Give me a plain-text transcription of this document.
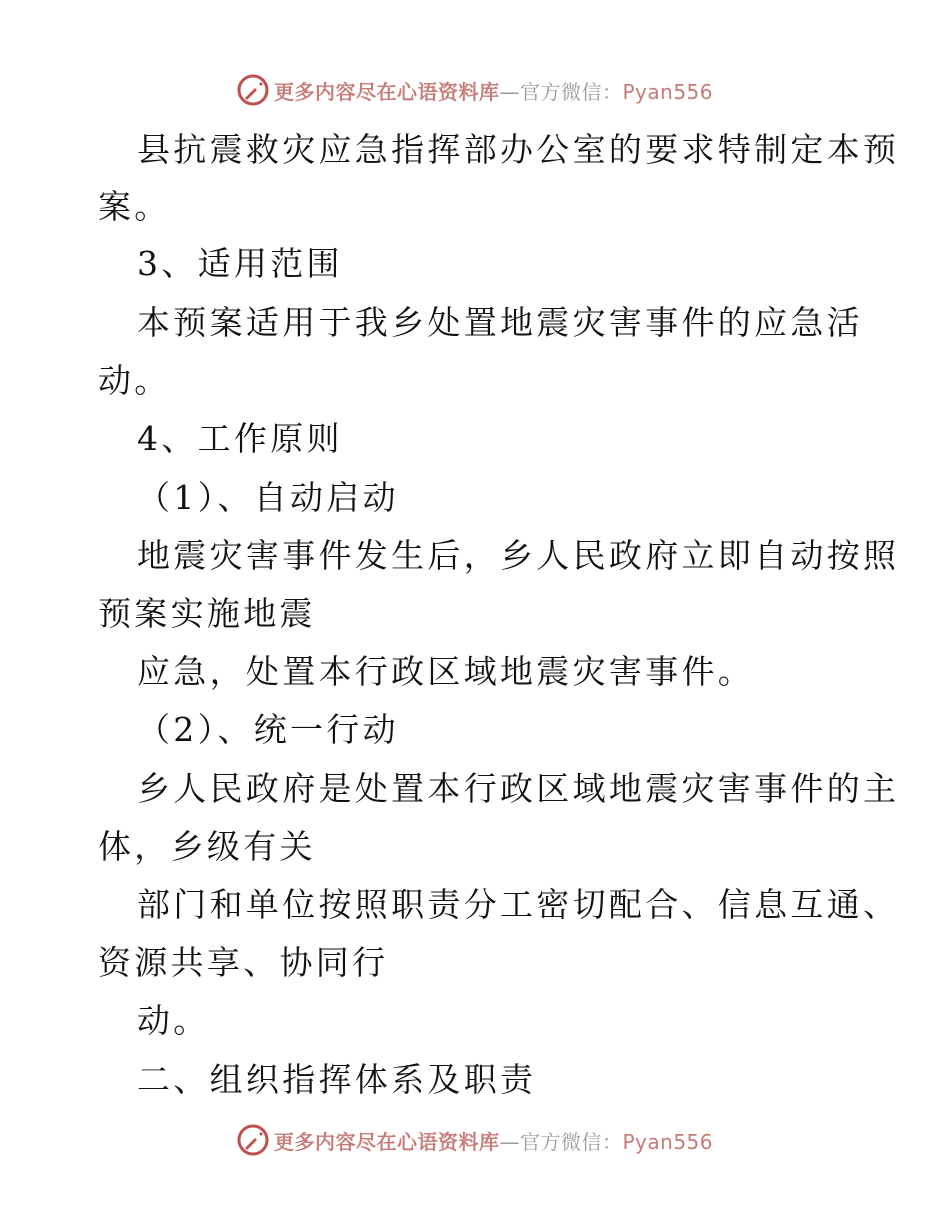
更多内容尽在心语资料库—官方微信：Pyan556
县抗震救灾应急指挥部办公室的要求特制定本预
案。
3、适用范围
本预案适用于我乡处置地震灾害事件的应急活
动。
4、工作原则
（1）、自动启动
地震灾害事件发生后，乡人民政府立即自动按照
预案实施地震
应急，处置本行政区域地震灾害事件。
（2）、统一行动
乡人民政府是处置本行政区域地震灾害事件的主
体，乡级有关
部门和单位按照职责分工密切配合、信息互通、
资源共享、协同行
动。
二、组织指挥体系及职责
更多内容尽在心语资料库—官方微信：Pyan556
